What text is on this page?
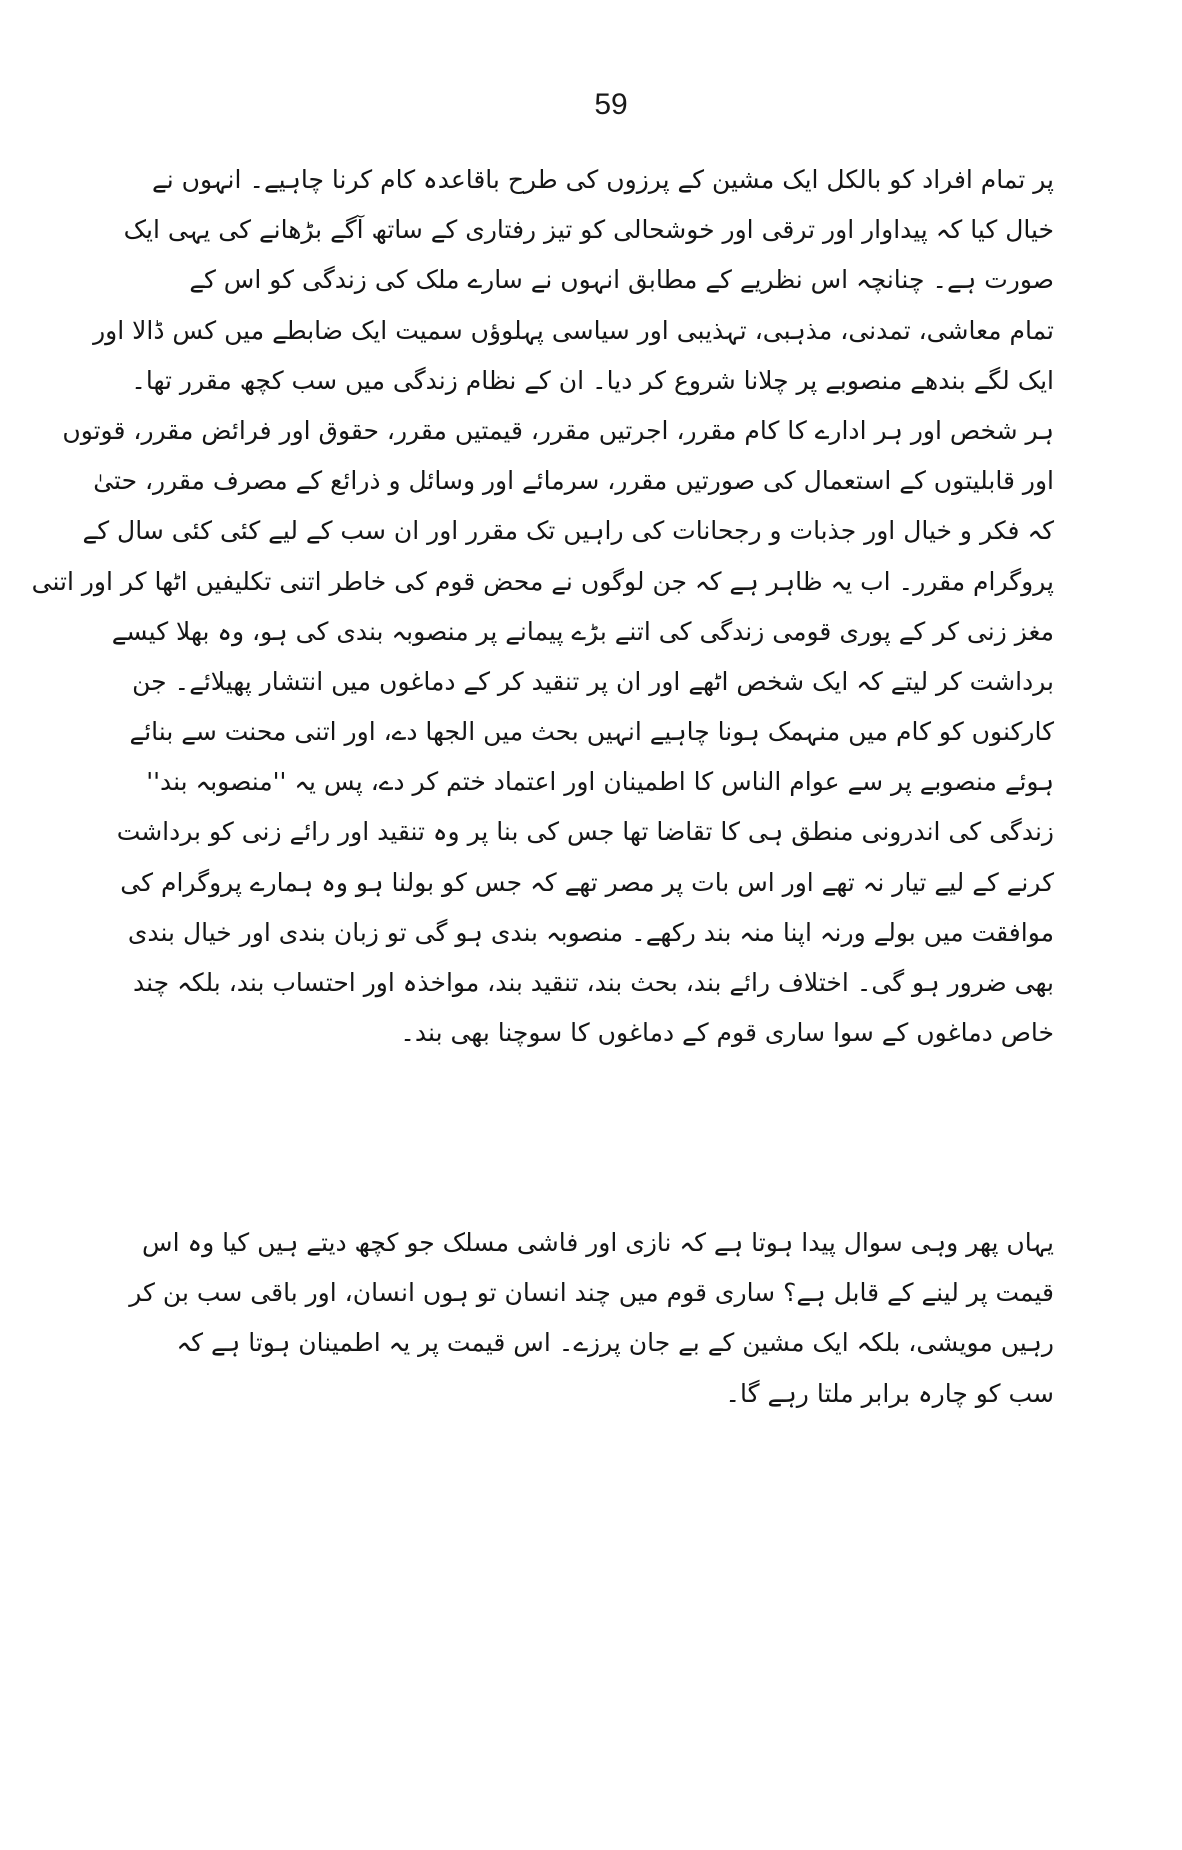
59
پر تمام افراد کو بالکل ایک مشین کے پرزوں کی طرح باقاعدہ کام کرنا چاہیے۔ انہوں نے
خیال کیا کہ پیداوار اور ترقی اور خوشحالی کو تیز رفتاری کے ساتھ آگے بڑھانے کی یہی ایک
صورت ہے۔ چنانچہ اس نظریے کے مطابق انہوں نے سارے ملک کی زندگی کو اس کے
تمام معاشی، تمدنی، مذہبی، تہذیبی اور سیاسی پہلوؤں سمیت ایک ضابطے میں کس ڈالا اور
ایک لگے بندھے منصوبے پر چلانا شروع کر دیا۔ ان کے نظام زندگی میں سب کچھ مقرر تھا۔
ہر شخص اور ہر ادارے کا کام مقرر، اجرتیں مقرر، قیمتیں مقرر، حقوق اور فرائض مقرر، قوتوں
اور قابلیتوں کے استعمال کی صورتیں مقرر، سرمائے اور وسائل و ذرائع کے مصرف مقرر، حتیٰ
کہ فکر و خیال اور جذبات و رجحانات کی راہیں تک مقرر اور ان سب کے لیے کئی کئی سال کے
پروگرام مقرر۔ اب یہ ظاہر ہے کہ جن لوگوں نے محض قوم کی خاطر اتنی تکلیفیں اٹھا کر اور اتنی
مغز زنی کر کے پوری قومی زندگی کی اتنے بڑے پیمانے پر منصوبہ بندی کی ہو، وہ بھلا کیسے
برداشت کر لیتے کہ ایک شخص اٹھے اور ان پر تنقید کر کے دماغوں میں انتشار پھیلائے۔ جن
کارکنوں کو کام میں منہمک ہونا چاہیے انہیں بحث میں الجھا دے، اور اتنی محنت سے بنائے
ہوئے منصوبے پر سے عوام الناس کا اطمینان اور اعتماد ختم کر دے، پس یہ ''منصوبہ بند''
زندگی کی اندرونی منطق ہی کا تقاضا تھا جس کی بنا پر وہ تنقید اور رائے زنی کو برداشت
کرنے کے لیے تیار نہ تھے اور اس بات پر مصر تھے کہ جس کو بولنا ہو وہ ہمارے پروگرام کی
موافقت میں بولے ورنہ اپنا منہ بند رکھے۔ منصوبہ بندی ہو گی تو زبان بندی اور خیال بندی
بھی ضرور ہو گی۔ اختلاف رائے بند، بحث بند، تنقید بند، مواخذہ اور احتساب بند، بلکہ چند
خاص دماغوں کے سوا ساری قوم کے دماغوں کا سوچنا بھی بند۔
یہاں پھر وہی سوال پیدا ہوتا ہے کہ نازی اور فاشی مسلک جو کچھ دیتے ہیں کیا وہ اس
قیمت پر لینے کے قابل ہے؟ ساری قوم میں چند انسان تو ہوں انسان، اور باقی سب بن کر
رہیں مویشی، بلکہ ایک مشین کے بے جان پرزے۔ اس قیمت پر یہ اطمینان ہوتا ہے کہ
سب کو چارہ برابر ملتا رہے گا۔
